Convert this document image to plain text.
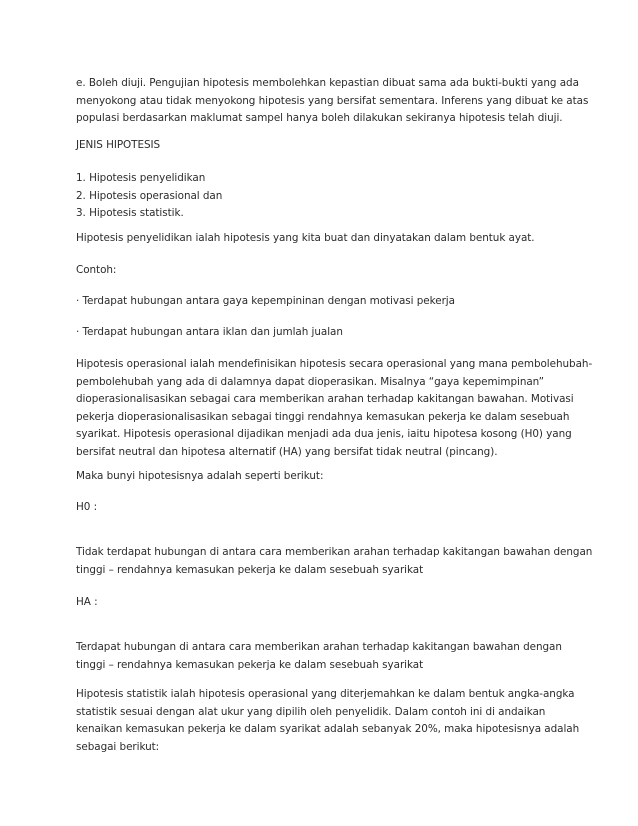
e. Boleh diuji. Pengujian hipotesis membolehkan kepastian dibuat sama ada bukti-bukti yang ada
menyokong atau tidak menyokong hipotesis yang bersifat sementara. Inferens yang dibuat ke atas
populasi berdasarkan maklumat sampel hanya boleh dilakukan sekiranya hipotesis telah diuji.
JENIS HIPOTESIS
1. Hipotesis penyelidikan
2. Hipotesis operasional dan
3. Hipotesis statistik.
Hipotesis penyelidikan ialah hipotesis yang kita buat dan dinyatakan dalam bentuk ayat.
Contoh:
· Terdapat hubungan antara gaya kepempininan dengan motivasi pekerja
· Terdapat hubungan antara iklan dan jumlah jualan
Hipotesis operasional ialah mendefinisikan hipotesis secara operasional yang mana pembolehubah-
pembolehubah yang ada di dalamnya dapat dioperasikan. Misalnya “gaya kepemimpinan”
dioperasionalisasikan sebagai cara memberikan arahan terhadap kakitangan bawahan. Motivasi
pekerja dioperasionalisasikan sebagai tinggi rendahnya kemasukan pekerja ke dalam sesebuah
syarikat. Hipotesis operasional dijadikan menjadi ada dua jenis, iaitu hipotesa kosong (H0) yang
bersifat neutral dan hipotesa alternatif (HA) yang bersifat tidak neutral (pincang).
Maka bunyi hipotesisnya adalah seperti berikut:
H0 :
Tidak terdapat hubungan di antara cara memberikan arahan terhadap kakitangan bawahan dengan
tinggi – rendahnya kemasukan pekerja ke dalam sesebuah syarikat
HA :
Terdapat hubungan di antara cara memberikan arahan terhadap kakitangan bawahan dengan
tinggi – rendahnya kemasukan pekerja ke dalam sesebuah syarikat
Hipotesis statistik ialah hipotesis operasional yang diterjemahkan ke dalam bentuk angka-angka
statistik sesuai dengan alat ukur yang dipilih oleh penyelidik. Dalam contoh ini di andaikan
kenaikan kemasukan pekerja ke dalam syarikat adalah sebanyak 20%, maka hipotesisnya adalah
sebagai berikut:
